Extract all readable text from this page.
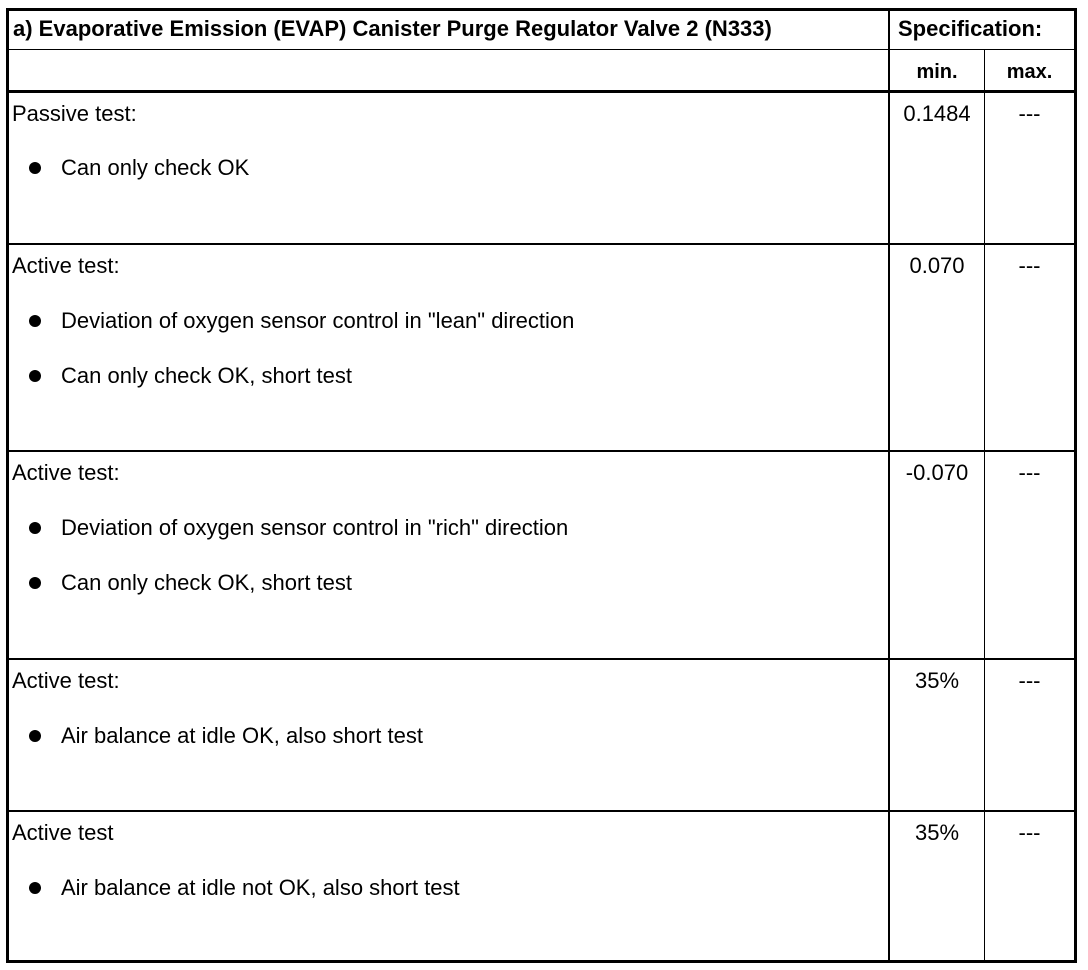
a) Evaporative Emission (EVAP) Canister Purge Regulator Valve 2 (N333)	Specification:
min.	max.
Passive test:
Can only check OK
0.1484	---
Active test:
Deviation of oxygen sensor control in "lean" direction
Can only check OK, short test
0.070	---
Active test:
Deviation of oxygen sensor control in "rich" direction
Can only check OK, short test
-0.070	---
Active test:
Air balance at idle OK, also short test
35%	---
Active test
Air balance at idle not OK, also short test
35%	---
